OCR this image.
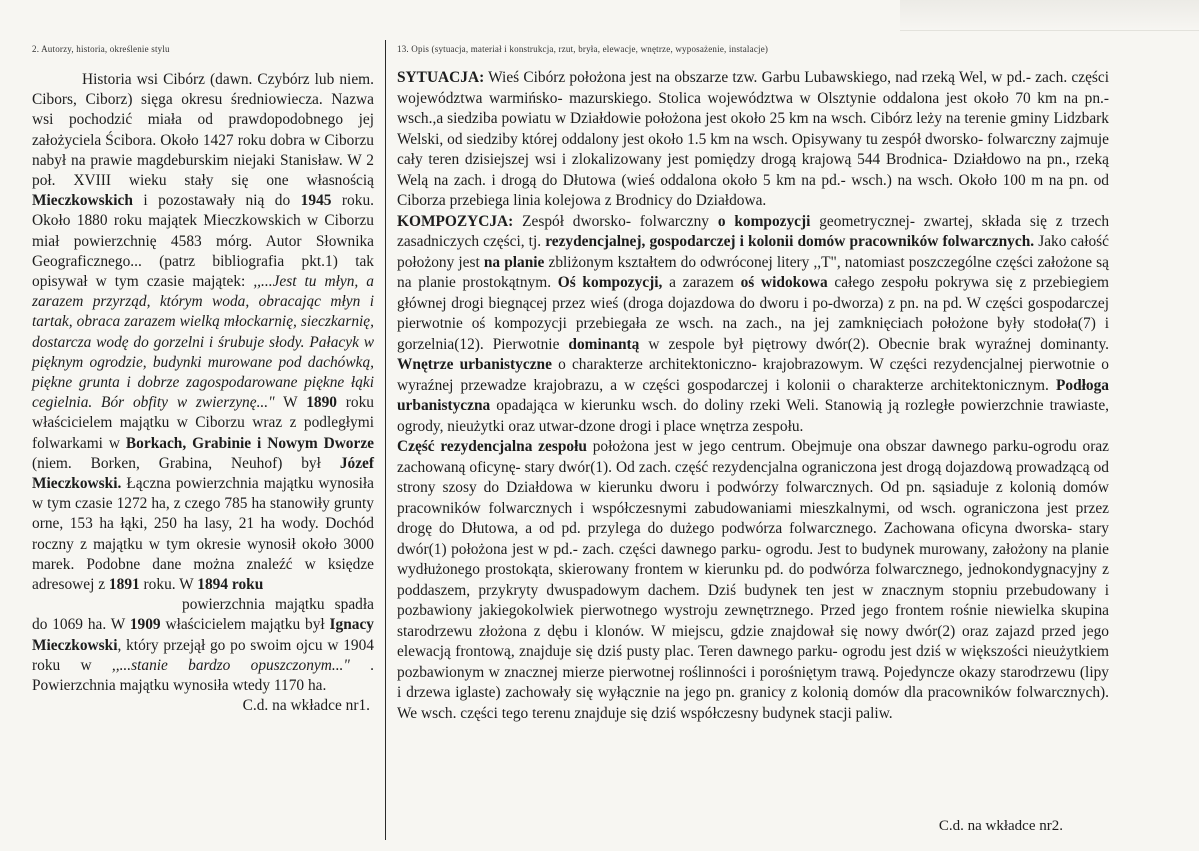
2. Autorzy, historia, określenie stylu	13. Opis (sytuacja, materiał i konstrukcja, rzut, bryła, elewacje, wnętrze, wyposażenie, instalacje)

Historia wsi Cibórz (dawn. Czybórz lub niem. Cibors, Ciborz) sięga okresu średniowiecza. Nazwa wsi pochodzić miała od prawdopodobnego jej założyciela Ścibora. Około 1427 roku dobra w Ciborzu nabył na prawie magdeburskim niejaki Stanisław. W 2 poł. XVIII wieku stały się one własnością Mieczkowskich i pozostawały nią do 1945 roku. Około 1880 roku majątek Mieczkowskich w Ciborzu miał powierzchnię 4583 mórg. Autor Słownika Geograficznego... (patrz bibliografia pkt.1) tak opisywał w tym czasie majątek: ,,...Jest tu młyn, a zarazem przyrząd, którym woda, obracając młyn i tartak, obraca zarazem wielką młockarnię, sieczkarnię, dostarcza wodę do gorzelni i śrubuje słody. Pałacyk w pięknym ogrodzie, budynki murowane pod dachówką, piękne grunta i dobrze zagospodarowane piękne łąki cegielnia. Bór obfity w zwierzynę..." W 1890 roku właścicielem majątku w Ciborzu wraz z podległymi folwarkami w Borkach, Grabinie i Nowym Dworze (niem. Borken, Grabina, Neuhof) był Józef Mieczkowski. Łączna powierzchnia majątku wynosiła w tym czasie 1272 ha, z czego 785 ha stanowiły grunty orne, 153 ha łąki, 250 ha lasy, 21 ha wody. Dochód roczny z majątku w tym okresie wynosił około 3000 marek. Podobne dane można znaleźć w księdze adresowej z 1891 roku. W 1894 roku
powierzchnia majątku spadła do 1069 ha. W 1909 właścicielem majątku był Ignacy Mieczkowski, który przejął go po swoim ojcu w 1904 roku w ,,...stanie bardzo opuszczonym..." . Powierzchnia majątku wynosiła wtedy 1170 ha.

C.d. na wkładce nr1.

SYTUACJA: Wieś Cibórz położona jest na obszarze tzw. Garbu Lubawskiego, nad rzeką Wel, w pd.- zach. części województwa warmińsko- mazurskiego. Stolica województwa w Olsztynie oddalona jest około 70 km na pn.- wsch.,a siedziba powiatu w Działdowie położona jest około 25 km na wsch. Cibórz leży na terenie gminy Lidzbark Welski, od siedziby której oddalony jest około 1.5 km na wsch. Opisywany tu zespół dworsko- folwarczny zajmuje cały teren dzisiejszej wsi i zlokalizowany jest pomiędzy drogą krajową 544 Brodnica- Działdowo na pn., rzeką Welą na zach. i drogą do Dłutowa (wieś oddalona około 5 km na pd.- wsch.) na wsch. Około 100 m na pn. od Ciborza przebiega linia kolejowa z Brodnicy do Działdowa.

KOMPOZYCJA: Zespół dworsko- folwarczny o kompozycji geometrycznej- zwartej, składa się z trzech zasadniczych części, tj. rezydencjalnej, gospodarczej i kolonii domów pracowników folwarcznych. Jako całość położony jest na planie zbliżonym kształtem do odwróconej litery ,,T", natomiast poszczególne części założone są na planie prostokątnym. Oś kompozycji, a zarazem oś widokowa całego zespołu pokrywa się z przebiegiem głównej drogi biegnącej przez wieś (droga dojazdowa do dworu i po-dworza) z pn. na pd. W części gospodarczej pierwotnie oś kompozycji przebiegała ze wsch. na zach., na jej zamknięciach położone były stodoła(7) i gorzelnia(12). Pierwotnie dominantą w zespole był piętrowy dwór(2). Obecnie brak wyraźnej dominanty. Wnętrze urbanistyczne o charakterze architektoniczno- krajobrazowym. W części rezydencjalnej pierwotnie o wyraźnej przewadze krajobrazu, a w części gospodarczej i kolonii o charakterze architektonicznym. Podłoga urbanistyczna opadająca w kierunku wsch. do doliny rzeki Weli. Stanowią ją rozległe powierzchnie trawiaste, ogrody, nieużytki oraz utwar-dzone drogi i place wnętrza zespołu.

Część rezydencjalna zespołu położona jest w jego centrum. Obejmuje ona obszar dawnego parku-ogrodu oraz zachowaną oficynę- stary dwór(1). Od zach. część rezydencjalna ograniczona jest drogą dojazdową prowadzącą od strony szosy do Działdowa w kierunku dworu i podwórzy folwarcznych. Od pn. sąsiaduje z kolonią domów pracowników folwarcznych i współczesnymi zabudowaniami mieszkalnymi, od wsch. ograniczona jest przez drogę do Dłutowa, a od pd. przylega do dużego podwórza folwarcznego. Zachowana oficyna dworska- stary dwór(1) położona jest w pd.- zach. części dawnego parku- ogrodu. Jest to budynek murowany, założony na planie wydłużonego prostokąta, skierowany frontem w kierunku pd. do podwórza folwarcznego, jednokondygnacyjny z poddaszem, przykryty dwuspadowym dachem. Dziś budynek ten jest w znacznym stopniu przebudowany i pozbawiony jakiegokolwiek pierwotnego wystroju zewnętrznego. Przed jego frontem rośnie niewielka skupina starodrzewu złożona z dębu i klonów. W miejscu, gdzie znajdował się nowy dwór(2) oraz zajazd przed jego elewacją frontową, znajduje się dziś pusty plac. Teren dawnego parku- ogrodu jest dziś w większości nieużytkiem pozbawionym w znacznej mierze pierwotnej roślinności i porośniętym trawą. Pojedyncze okazy starodrzewu (lipy i drzewa iglaste) zachowały się wyłącznie na jego pn. granicy z kolonią domów dla pracowników folwarcznych). We wsch. części tego terenu znajduje się dziś współczesny budynek stacji paliw.

C.d. na wkładce nr2.
